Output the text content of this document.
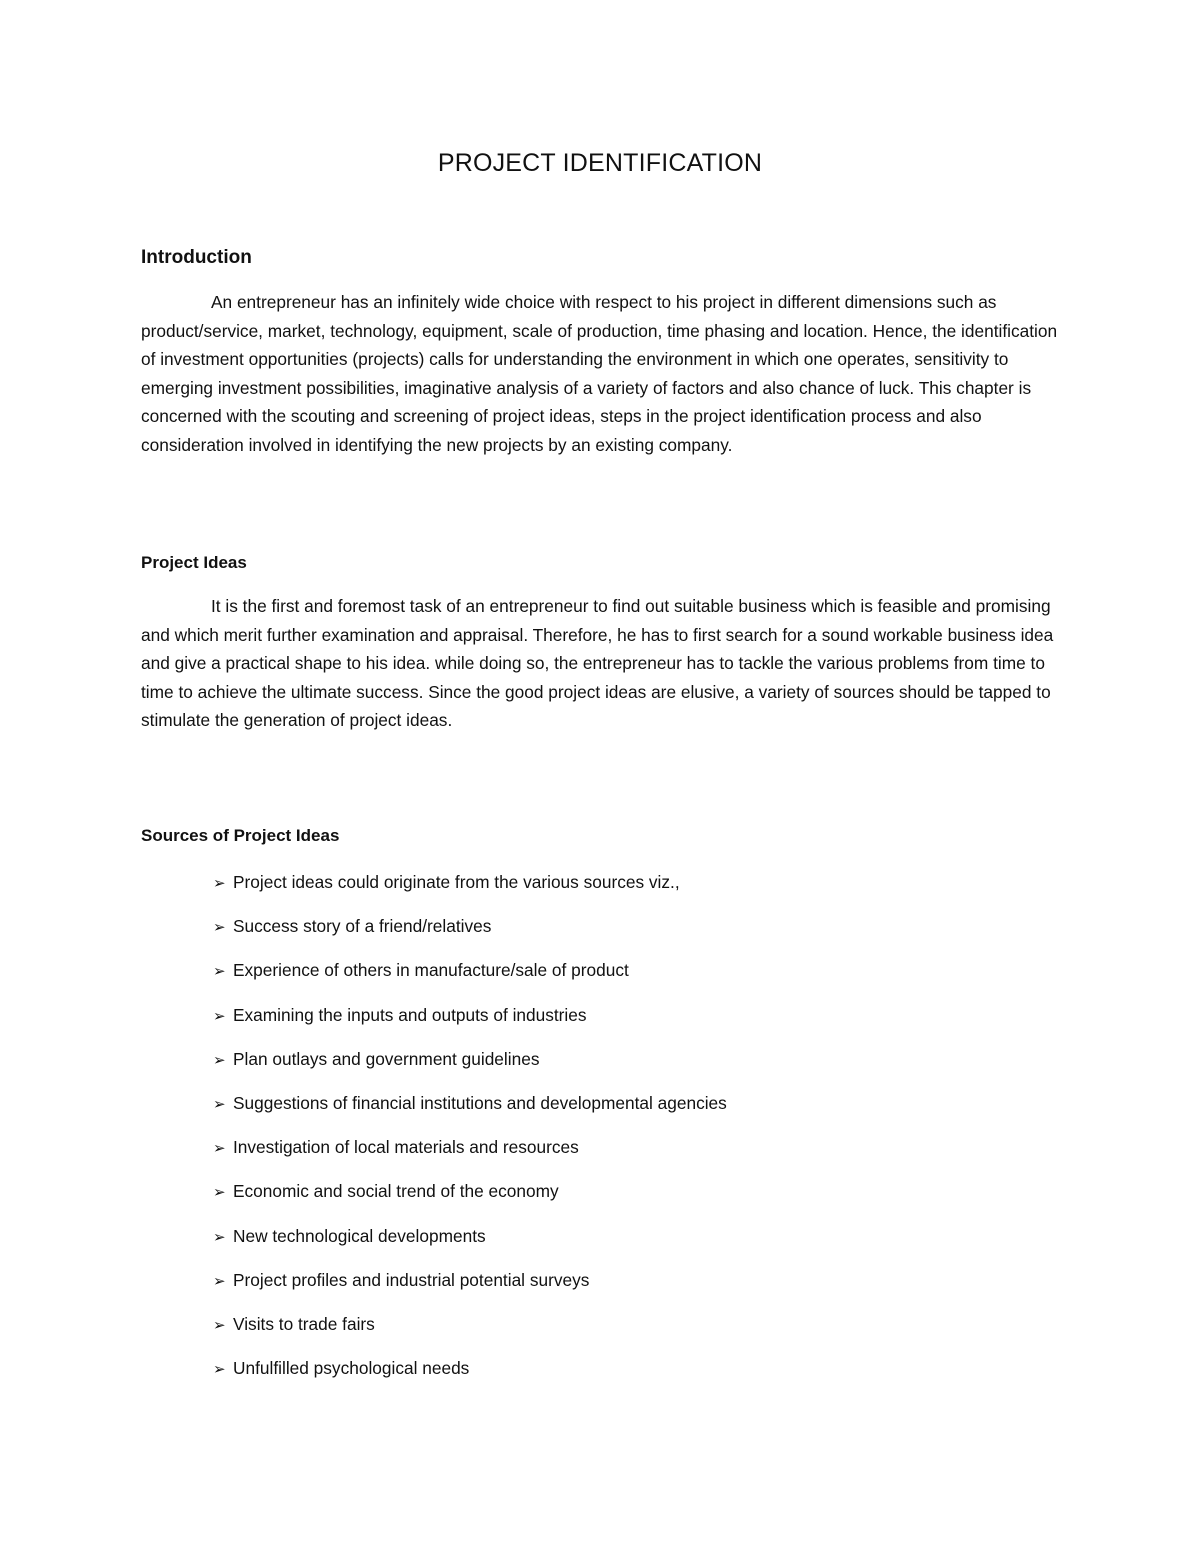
PROJECT IDENTIFICATION
Introduction

An entrepreneur has an infinitely wide choice with respect to his project in different dimensions such as product/service, market, technology, equipment, scale of production, time phasing and location. Hence, the identification of investment opportunities (projects) calls for understanding the environment in which one operates, sensitivity to emerging investment possibilities, imaginative analysis of a variety of factors and also chance of luck. This chapter is concerned with the scouting and screening of project ideas, steps in the project identification process and also consideration involved in identifying the new projects by an existing company.

Project Ideas

It is the first and foremost task of an entrepreneur to find out suitable business which is feasible and promising and which merit further examination and appraisal. Therefore, he has to first search for a sound workable business idea and give a practical shape to his idea. while doing so, the entrepreneur has to tackle the various problems from time to time to achieve the ultimate success. Since the good project ideas are elusive, a variety of sources should be tapped to stimulate the generation of project ideas.

Sources of Project Ideas
➢ Project ideas could originate from the various sources viz.,
➢ Success story of a friend/relatives
➢ Experience of others in manufacture/sale of product
➢ Examining the inputs and outputs of industries
➢ Plan outlays and government guidelines
➢ Suggestions of financial institutions and developmental agencies
➢ Investigation of local materials and resources
➢ Economic and social trend of the economy
➢ New technological developments
➢ Project profiles and industrial potential surveys
➢ Visits to trade fairs
➢ Unfulfilled psychological needs
